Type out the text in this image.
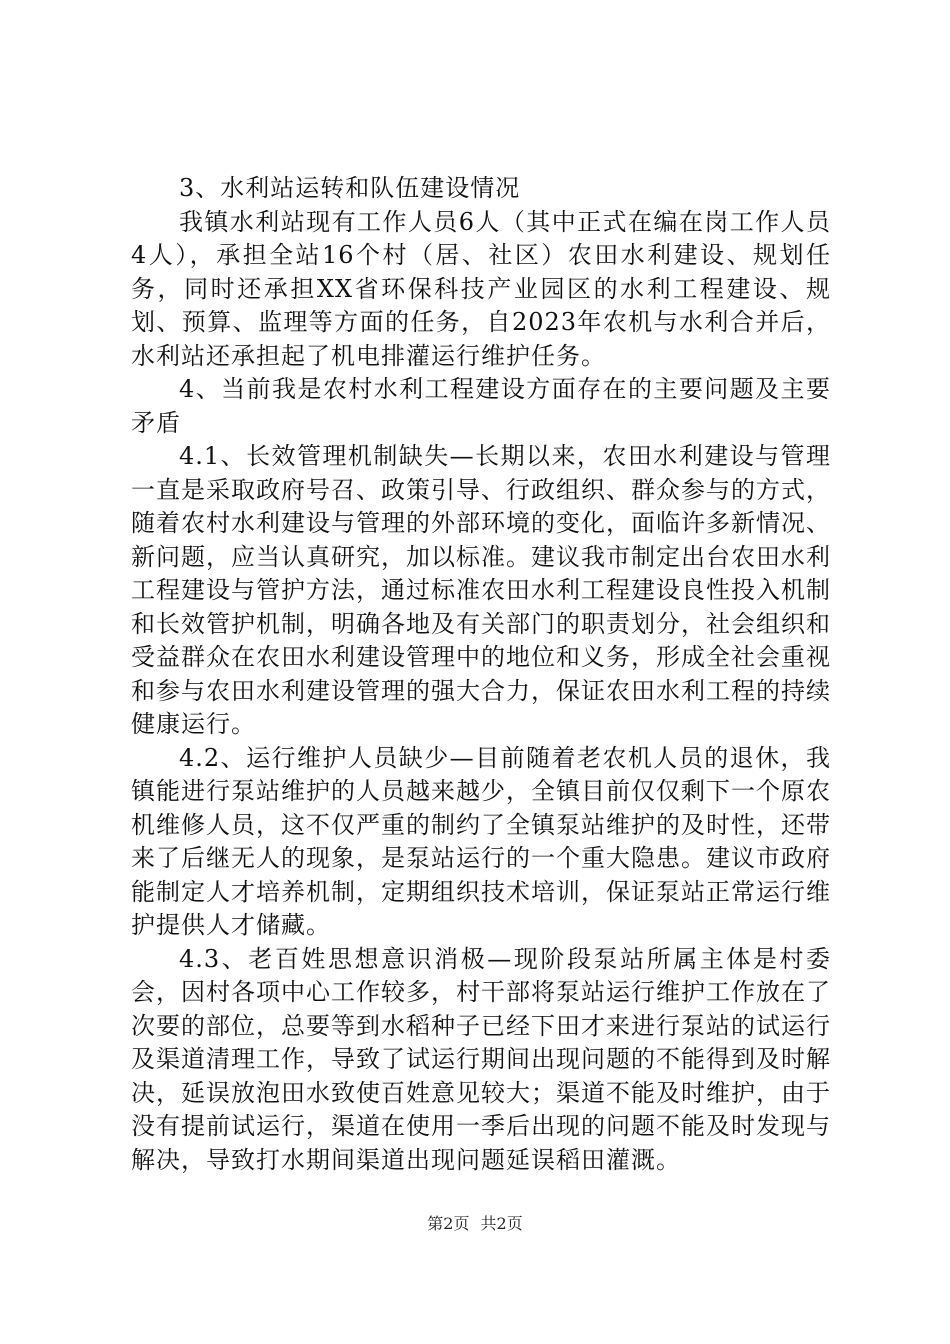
3、水利站运转和队伍建设情况

我镇水利站现有工作人员6人（其中正式在编在岗工作人员4人），承担全站16个村（居、社区）农田水利建设、规划任务，同时还承担XX省环保科技产业园区的水利工程建设、规划、预算、监理等方面的任务，自2023年农机与水利合并后，水利站还承担起了机电排灌运行维护任务。

4、当前我是农村水利工程建设方面存在的主要问题及主要矛盾

4.1、长效管理机制缺失—长期以来，农田水利建设与管理一直是采取政府号召、政策引导、行政组织、群众参与的方式，随着农村水利建设与管理的外部环境的变化，面临许多新情况、新问题，应当认真研究，加以标准。建议我市制定出台农田水利工程建设与管护方法，通过标准农田水利工程建设良性投入机制和长效管护机制，明确各地及有关部门的职责划分，社会组织和受益群众在农田水利建设管理中的地位和义务，形成全社会重视和参与农田水利建设管理的强大合力，保证农田水利工程的持续健康运行。

4.2、运行维护人员缺少—目前随着老农机人员的退休，我镇能进行泵站维护的人员越来越少，全镇目前仅仅剩下一个原农机维修人员，这不仅严重的制约了全镇泵站维护的及时性，还带来了后继无人的现象，是泵站运行的一个重大隐患。建议市政府能制定人才培养机制，定期组织技术培训，保证泵站正常运行维护提供人才储藏。

4.3、老百姓思想意识消极—现阶段泵站所属主体是村委会，因村各项中心工作较多，村干部将泵站运行维护工作放在了次要的部位，总要等到水稻种子已经下田才来进行泵站的试运行及渠道清理工作，导致了试运行期间出现问题的不能得到及时解决，延误放泡田水致使百姓意见较大；渠道不能及时维护，由于没有提前试运行，渠道在使用一季后出现的问题不能及时发现与解决，导致打水期间渠道出现问题延误稻田灌溉。

第2页 共2页
